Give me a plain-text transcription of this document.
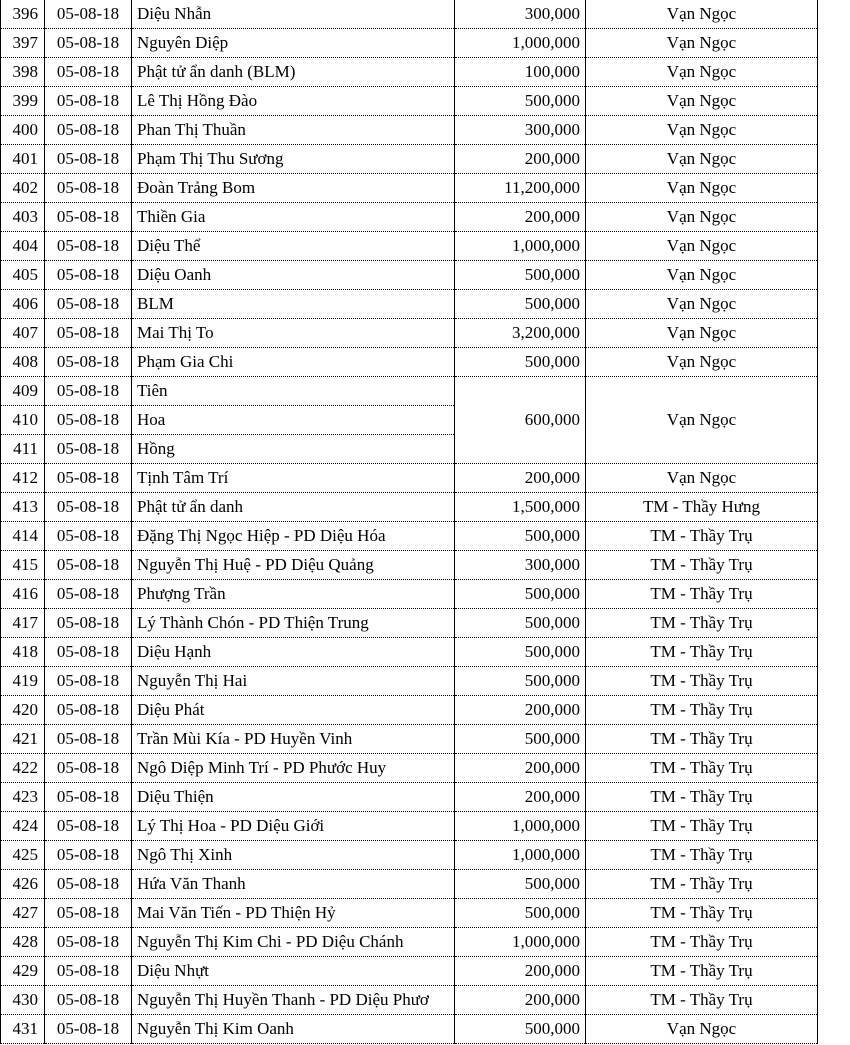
396	05-08-18	Diệu Nhẫn	300,000	Vạn Ngọc
397	05-08-18	Nguyên Diệp	1,000,000	Vạn Ngọc
398	05-08-18	Phật tử ẩn danh (BLM)	100,000	Vạn Ngọc
399	05-08-18	Lê Thị Hồng Đào	500,000	Vạn Ngọc
400	05-08-18	Phan Thị Thuần	300,000	Vạn Ngọc
401	05-08-18	Phạm Thị Thu Sương	200,000	Vạn Ngọc
402	05-08-18	Đoàn Trảng Bom	11,200,000	Vạn Ngọc
403	05-08-18	Thiền Gia	200,000	Vạn Ngọc
404	05-08-18	Diệu Thể	1,000,000	Vạn Ngọc
405	05-08-18	Diệu Oanh	500,000	Vạn Ngọc
406	05-08-18	BLM	500,000	Vạn Ngọc
407	05-08-18	Mai Thị To	3,200,000	Vạn Ngọc
408	05-08-18	Phạm Gia Chi	500,000	Vạn Ngọc
409	05-08-18	Tiên	600,000	Vạn Ngọc
410	05-08-18	Hoa		
411	05-08-18	Hồng		
412	05-08-18	Tịnh Tâm Trí	200,000	Vạn Ngọc
413	05-08-18	Phật tử ẩn danh	1,500,000	TM - Thầy Hưng
414	05-08-18	Đặng Thị Ngọc Hiệp - PD Diệu Hóa	500,000	TM - Thầy Trụ
415	05-08-18	Nguyễn Thị Huệ - PD Diệu Quảng	300,000	TM - Thầy Trụ
416	05-08-18	Phượng Trần	500,000	TM - Thầy Trụ
417	05-08-18	Lý Thành Chón - PD Thiện Trung	500,000	TM - Thầy Trụ
418	05-08-18	Diệu Hạnh	500,000	TM - Thầy Trụ
419	05-08-18	Nguyễn Thị Hai	500,000	TM - Thầy Trụ
420	05-08-18	Diệu Phát	200,000	TM - Thầy Trụ
421	05-08-18	Trần Mùi Kía - PD Huyền Vinh	500,000	TM - Thầy Trụ
422	05-08-18	Ngô Diệp Minh Trí - PD Phước Huy	200,000	TM - Thầy Trụ
423	05-08-18	Diệu Thiện	200,000	TM - Thầy Trụ
424	05-08-18	Lý Thị Hoa - PD Diệu Giới	1,000,000	TM - Thầy Trụ
425	05-08-18	Ngô Thị Xinh	1,000,000	TM - Thầy Trụ
426	05-08-18	Hứa Văn Thanh	500,000	TM - Thầy Trụ
427	05-08-18	Mai Văn Tiến - PD Thiện Hỷ	500,000	TM - Thầy Trụ
428	05-08-18	Nguyễn Thị Kim Chi - PD Diệu Chánh	1,000,000	TM - Thầy Trụ
429	05-08-18	Diệu Nhựt	200,000	TM - Thầy Trụ
430	05-08-18	Nguyễn Thị Huyền Thanh - PD Diệu Phươ	200,000	TM - Thầy Trụ
431	05-08-18	Nguyễn Thị Kim Oanh	500,000	Vạn Ngọc
